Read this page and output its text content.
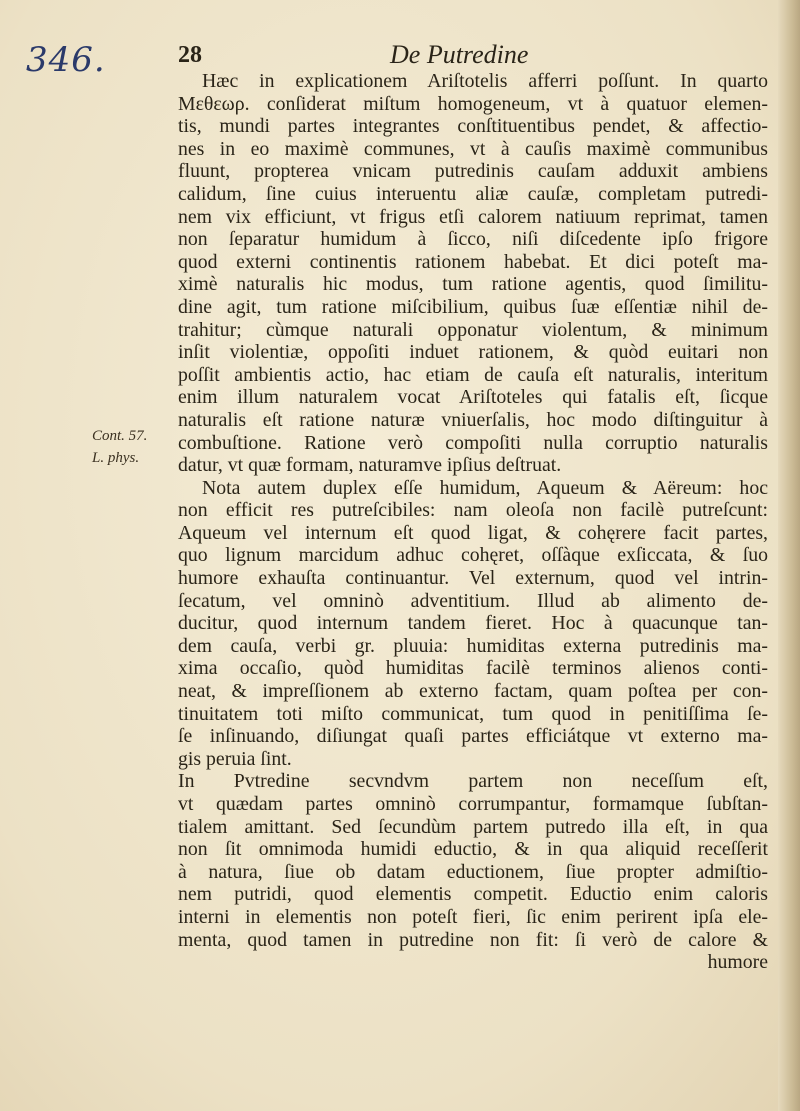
346.	28	De Putredine
Cont. 57.
L. phys.
Hæc in explicationem Ariſtotelis afferri poſſunt. In quarto
Μεθεωρ. conſiderat miſtum homogeneum, vt à quatuor elemen-
tis, mundi partes integrantes conſtituentibus pendet, & affectio-
nes in eo maximè communes, vt à cauſis maximè communibus
fluunt, propterea vnicam putredinis cauſam adduxit ambiens
calidum, ſine cuius interuentu aliæ cauſæ, completam putredi-
nem vix efficiunt, vt frigus etſi calorem natiuum reprimat, tamen
non ſeparatur humidum à ſicco, niſi diſcedente ipſo frigore
quod externi continentis rationem habebat. Et dici poteſt ma-
ximè naturalis hic modus, tum ratione agentis, quod ſimilitu-
dine agit, tum ratione miſcibilium, quibus ſuæ eſſentiæ nihil de-
trahitur; cùmque naturali opponatur violentum, & minimum
inſit violentiæ, oppoſiti induet rationem, & quòd euitari non
poſſit ambientis actio, hac etiam de cauſa eſt naturalis, interitum
enim illum naturalem vocat Ariſtoteles qui fatalis eſt, ſicque
naturalis eſt ratione naturæ vniuerſalis, hoc modo diſtinguitur à
combuſtione. Ratione verò compoſiti nulla corruptio naturalis
datur, vt quæ formam, naturamve ipſius deſtruat.
Nota autem duplex eſſe humidum, Aqueum & Aëreum: hoc
non efficit res putreſcibiles: nam oleoſa non facilè putreſcunt:
Aqueum vel internum eſt quod ligat, & cohęrere facit partes,
quo lignum marcidum adhuc cohęret, oſſàque exſiccata, & ſuo
humore exhauſta continuantur. Vel externum, quod vel intrin-
ſecatum, vel omninò adventitium. Illud ab alimento de-
ducitur, quod internum tandem fieret. Hoc à quacunque tan-
dem cauſa, verbi gr. pluuia: humiditas externa putredinis ma-
xima occaſio, quòd humiditas facilè terminos alienos conti-
neat, & impreſſionem ab externo factam, quam poſtea per con-
tinuitatem toti miſto communicat, tum quod in penitiſſima ſe-
ſe inſinuando, diſiungat quaſi partes efficiátque vt externo ma-
gis peruia ſint.
In Pvtredine secvndvm partem non neceſſum eſt,
vt quædam partes omninò corrumpantur, formamque ſubſtan-
tialem amittant. Sed ſecundùm partem putredo illa eſt, in qua
non ſit omnimoda humidi eductio, & in qua aliquid receſſerit
à natura, ſiue ob datam eductionem, ſiue propter admiſtio-
nem putridi, quod elementis competit. Eductio enim caloris
interni in elementis non poteſt fieri, ſic enim perirent ipſa ele-
menta, quod tamen in putredine non fit: ſi verò de calore &
humore
